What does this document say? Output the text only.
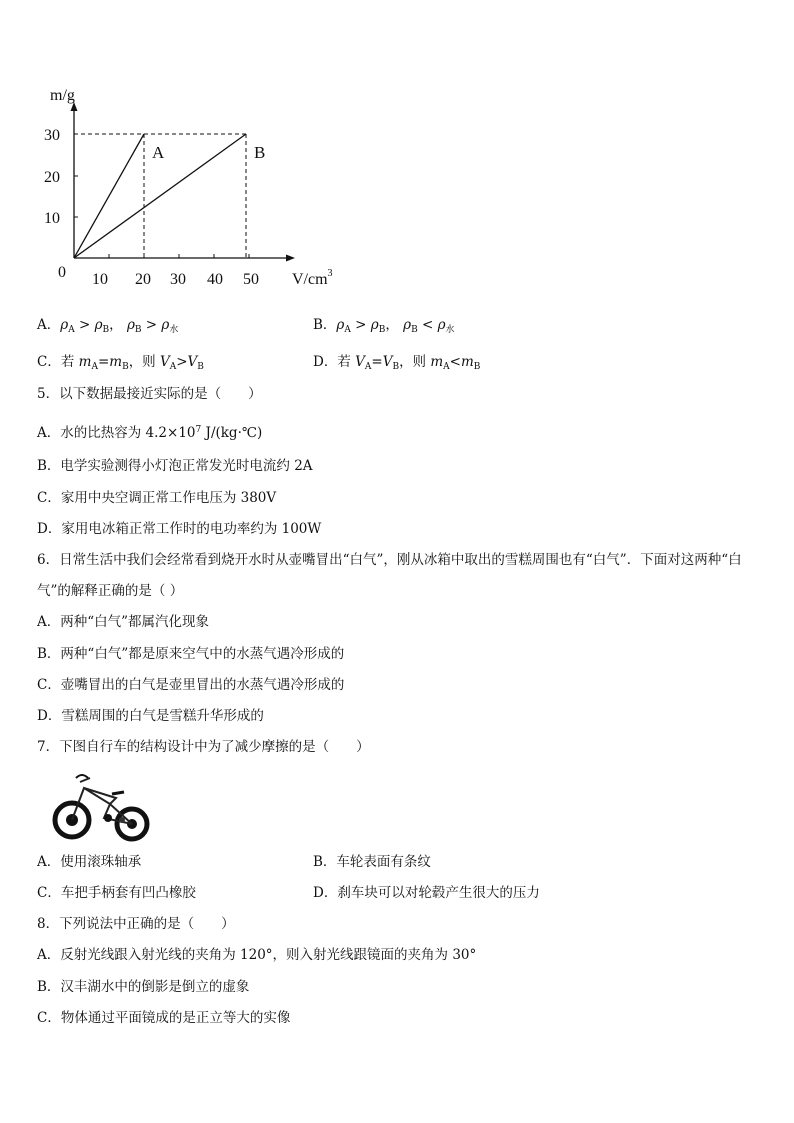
m/g
30
20
10
0 10 20 30 40 50 $V/cm^3$
A	B
A．$\rho_A > \rho_B$， $\rho_B > \rho_水$	B．$\rho_A > \rho_B$， $\rho_B < \rho_水$
C．若 $m_A=m_B$，则 $V_A>V_B$	D．若 $V_A=V_B$，则 $m_A<m_B$
5．以下数据最接近实际的是（　　）
A．水的比热容为 $4.2\times 10^7$ J/(kg·℃)
B．电学实验测得小灯泡正常发光时电流约 2A
C．家用中央空调正常工作电压为 380V
D．家用电冰箱正常工作时的电功率约为 100W
6．日常生活中我们会经常看到烧开水时从壶嘴冒出“白气”，刚从冰箱中取出的雪糕周围也有“白气”．下面对这两种“白
气”的解释正确的是（ ）
A．两种“白气”都属汽化现象
B．两种“白气”都是原来空气中的水蒸气遇冷形成的
C．壶嘴冒出的白气是壶里冒出的水蒸气遇冷形成的
D．雪糕周围的白气是雪糕升华形成的
7．下图自行车的结构设计中为了减少摩擦的是（　　）
A．使用滚珠轴承	B．车轮表面有条纹
C．车把手柄套有凹凸橡胶	D．刹车块可以对轮毂产生很大的压力
8．下列说法中正确的是（　　）
A．反射光线跟入射光线的夹角为 120°，则入射光线跟镜面的夹角为 30°
B．汉丰湖水中的倒影是倒立的虚象
C．物体通过平面镜成的是正立等大的实像
